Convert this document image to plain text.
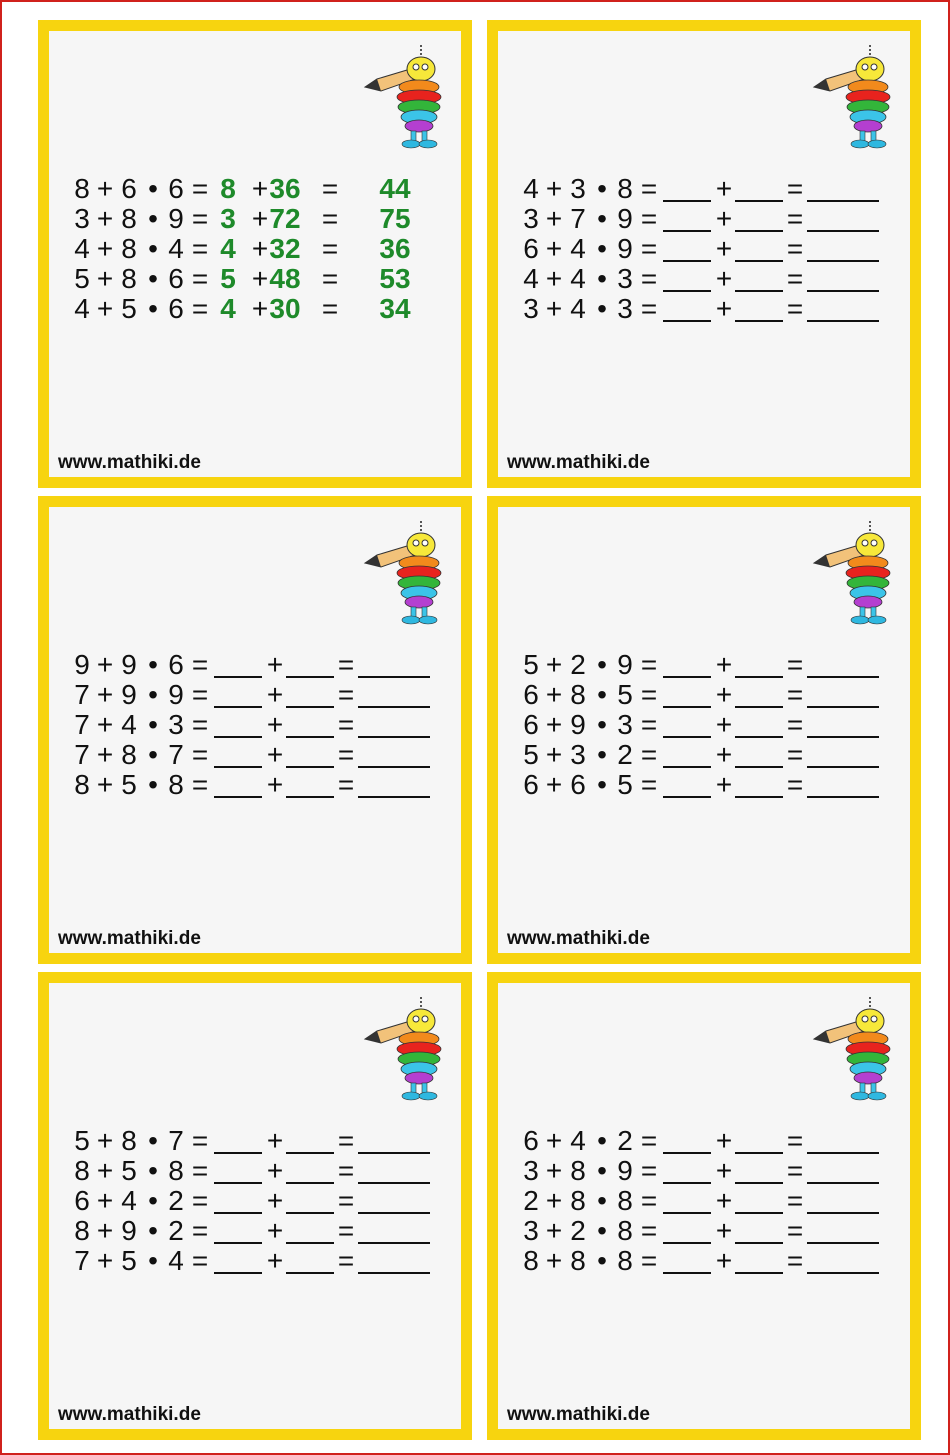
8 + 6 • 6 = 8 + 36 = 44
3 + 8 • 9 = 3 + 72 = 75
4 + 8 • 4 = 4 + 32 = 36
5 + 8 • 6 = 5 + 48 = 53
4 + 5 • 6 = 4 + 30 = 34
www.mathiki.de
4 + 3 • 8 = + =
3 + 7 • 9 = + =
6 + 4 • 9 = + =
4 + 4 • 3 = + =
3 + 4 • 3 = + =
www.mathiki.de
9 + 9 • 6 = + =
7 + 9 • 9 = + =
7 + 4 • 3 = + =
7 + 8 • 7 = + =
8 + 5 • 8 = + =
www.mathiki.de
5 + 2 • 9 = + =
6 + 8 • 5 = + =
6 + 9 • 3 = + =
5 + 3 • 2 = + =
6 + 6 • 5 = + =
www.mathiki.de
5 + 8 • 7 = + =
8 + 5 • 8 = + =
6 + 4 • 2 = + =
8 + 9 • 2 = + =
7 + 5 • 4 = + =
www.mathiki.de
6 + 4 • 2 = + =
3 + 8 • 9 = + =
2 + 8 • 8 = + =
3 + 2 • 8 = + =
8 + 8 • 8 = + =
www.mathiki.de
